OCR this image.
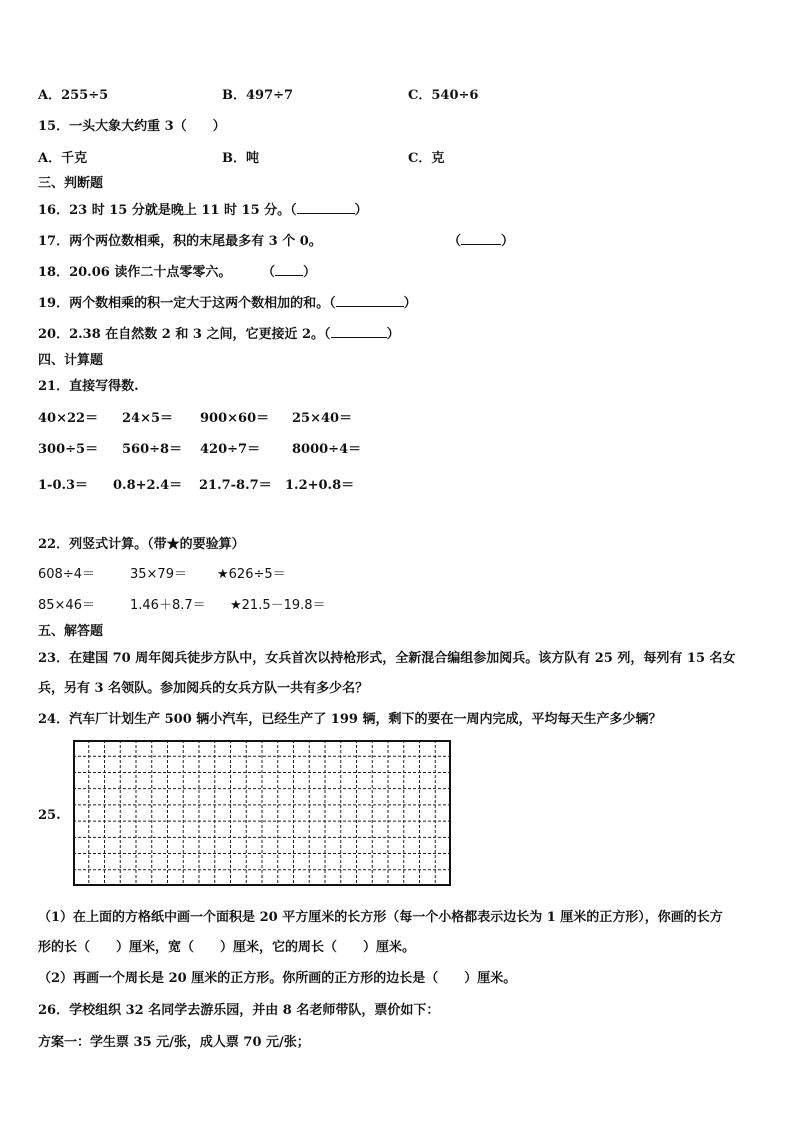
A．255÷5	B．497÷7	C．540÷6
15．一头大象大约重 3（　　）
A．千克	B．吨	C．克
三、判断题
16．23 时 15 分就是晚上 11 时 15 分。（	）
17．两个两位数相乘，积的末尾最多有 3 个 0。	（	）
18．20.06 读作二十点零零六。 （ ）
19．两个数相乘的积一定大于这两个数相加的和。（	）
20．2.38 在自然数 2 和 3 之间，它更接近 2。（	）
四、计算题
21．直接写得数.
40×22＝ 24×5＝ 900×60＝ 25×40＝
300÷5＝ 560÷8＝ 420÷7＝ 8000÷4＝
1-0.3＝ 0.8+2.4＝ 21.7-8.7＝ 1.2+0.8＝
22．列竖式计算。（带★的要验算）
608÷4＝	35×79＝ ★626÷5＝
85×46＝	1.46＋8.7＝ ★21.5－19.8＝
五、解答题
23．在建国 70 周年阅兵徒步方队中，女兵首次以持枪形式，全新混合编组参加阅兵。该方队有 25 列，每列有 15 名女
兵，另有 3 名领队。参加阅兵的女兵方队一共有多少名？
24．汽车厂计划生产 500 辆小汽车，已经生产了 199 辆，剩下的要在一周内完成，平均每天生产多少辆？
25.
（1）在上面的方格纸中画一个面积是 20 平方厘米的长方形（每一个小格都表示边长为 1 厘米的正方形），你画的长方
形的长（　　）厘米，宽（　　）厘米，它的周长（　　）厘米。
（2）再画一个周长是 20 厘米的正方形。你所画的正方形的边长是（　　）厘米。
26．学校组织 32 名同学去游乐园，并由 8 名老师带队，票价如下：
方案一：学生票 35 元/张，成人票 70 元/张；
